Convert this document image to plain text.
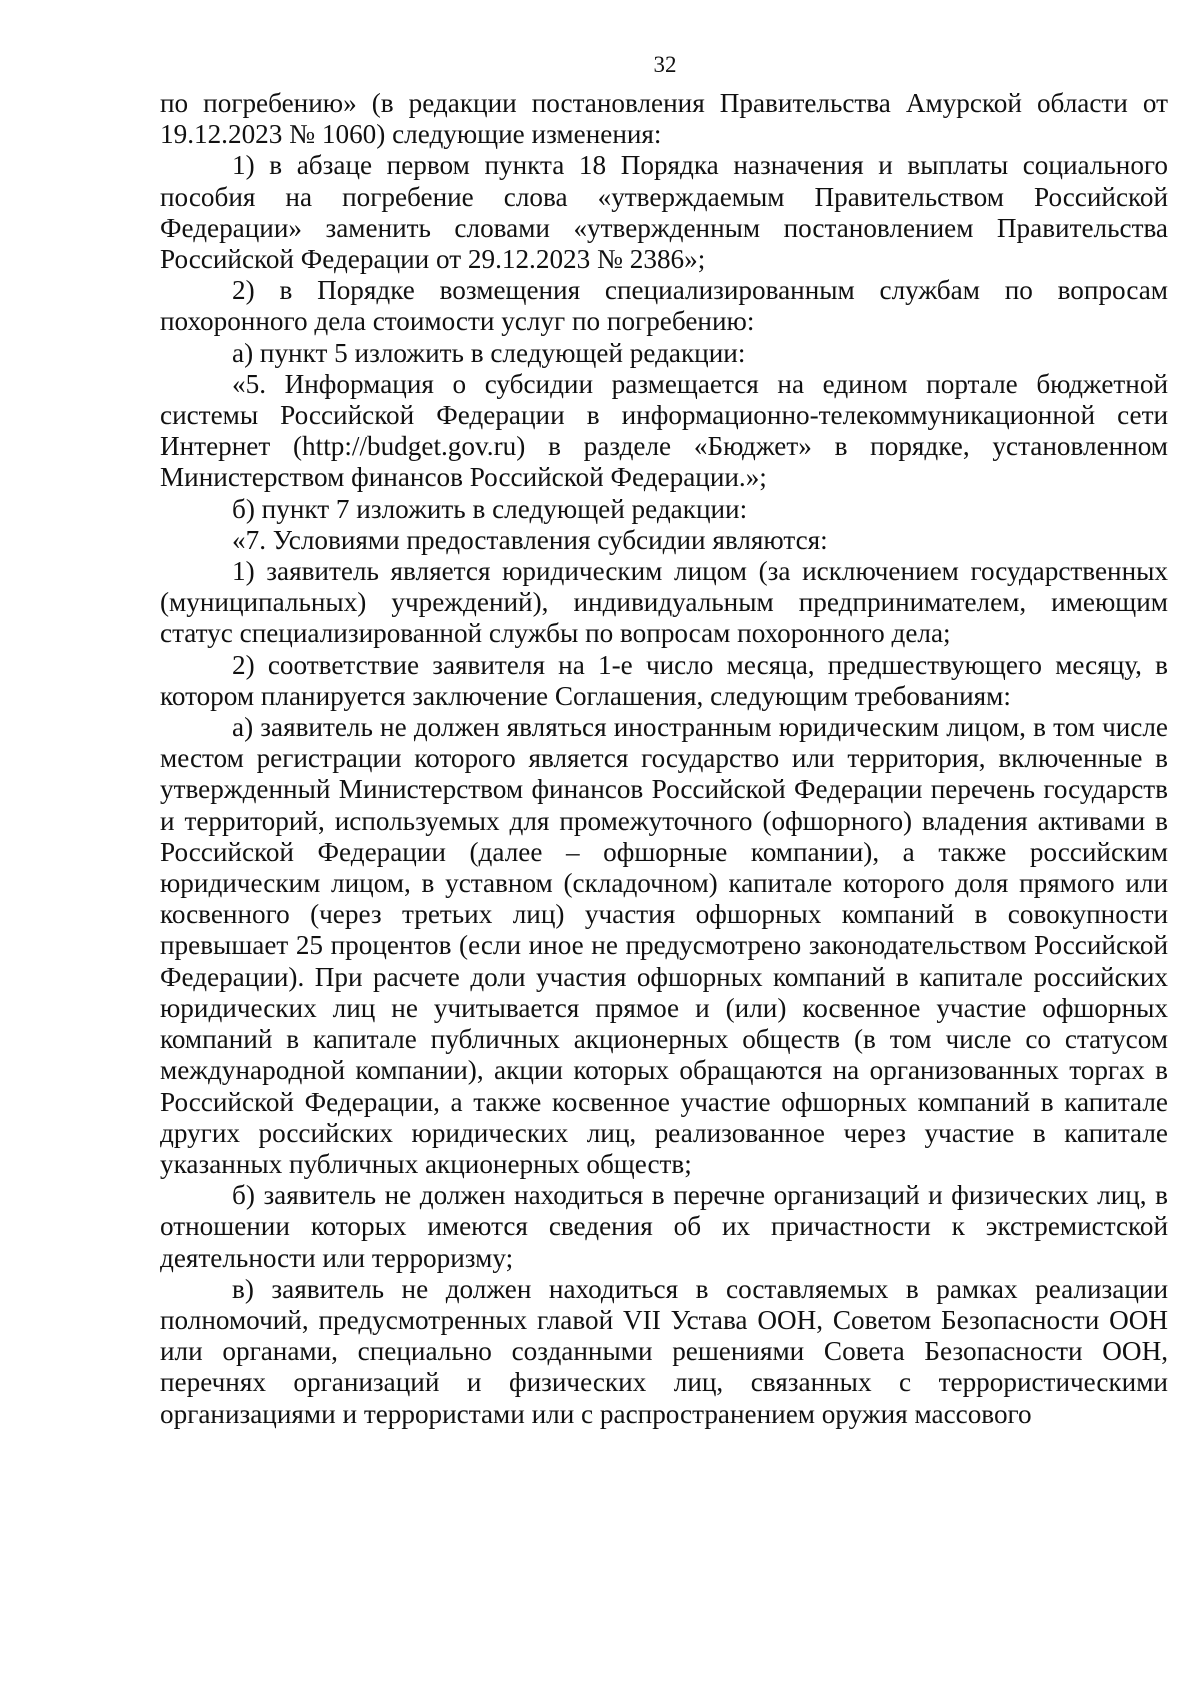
32

по погребению» (в редакции постановления Правительства Амурской области от 19.12.2023 № 1060) следующие изменения:

1) в абзаце первом пункта 18 Порядка назначения и выплаты социального пособия на погребение слова «утверждаемым Правительством Российской Федерации» заменить словами «утвержденным постановлением Правительства Российской Федерации от 29.12.2023 № 2386»;

2) в Порядке возмещения специализированным службам по вопросам похоронного дела стоимости услуг по погребению:

а) пункт 5 изложить в следующей редакции:

«5. Информация о субсидии размещается на едином портале бюджетной системы Российской Федерации в информационно-телекоммуникационной сети Интернет (http://budget.gov.ru) в разделе «Бюджет» в порядке, установленном Министерством финансов Российской Федерации.»;

б) пункт 7 изложить в следующей редакции:

«7. Условиями предоставления субсидии являются:

1) заявитель является юридическим лицом (за исключением государственных (муниципальных) учреждений), индивидуальным предпринимателем, имеющим статус специализированной службы по вопросам похоронного дела;

2) соответствие заявителя на 1-е число месяца, предшествующего месяцу, в котором планируется заключение Соглашения, следующим требованиям:

а) заявитель не должен являться иностранным юридическим лицом, в том числе местом регистрации которого является государство или территория, включенные в утвержденный Министерством финансов Российской Федерации перечень государств и территорий, используемых для промежуточного (офшорного) владения активами в Российской Федерации (далее – офшорные компании), а также российским юридическим лицом, в уставном (складочном) капитале которого доля прямого или косвенного (через третьих лиц) участия офшорных компаний в совокупности превышает 25 процентов (если иное не предусмотрено законодательством Российской Федерации). При расчете доли участия офшорных компаний в капитале российских юридических лиц не учитывается прямое и (или) косвенное участие офшорных компаний в капитале публичных акционерных обществ (в том числе со статусом международной компании), акции которых обращаются на организованных торгах в Российской Федерации, а также косвенное участие офшорных компаний в капитале других российских юридических лиц, реализованное через участие в капитале указанных публичных акционерных обществ;

б) заявитель не должен находиться в перечне организаций и физических лиц, в отношении которых имеются сведения об их причастности к экстремистской деятельности или терроризму;

в) заявитель не должен находиться в составляемых в рамках реализации полномочий, предусмотренных главой VII Устава ООН, Советом Безопасности ООН или органами, специально созданными решениями Совета Безопасности ООН, перечнях организаций и физических лиц, связанных с террористическими организациями и террористами или с распространением оружия массового
